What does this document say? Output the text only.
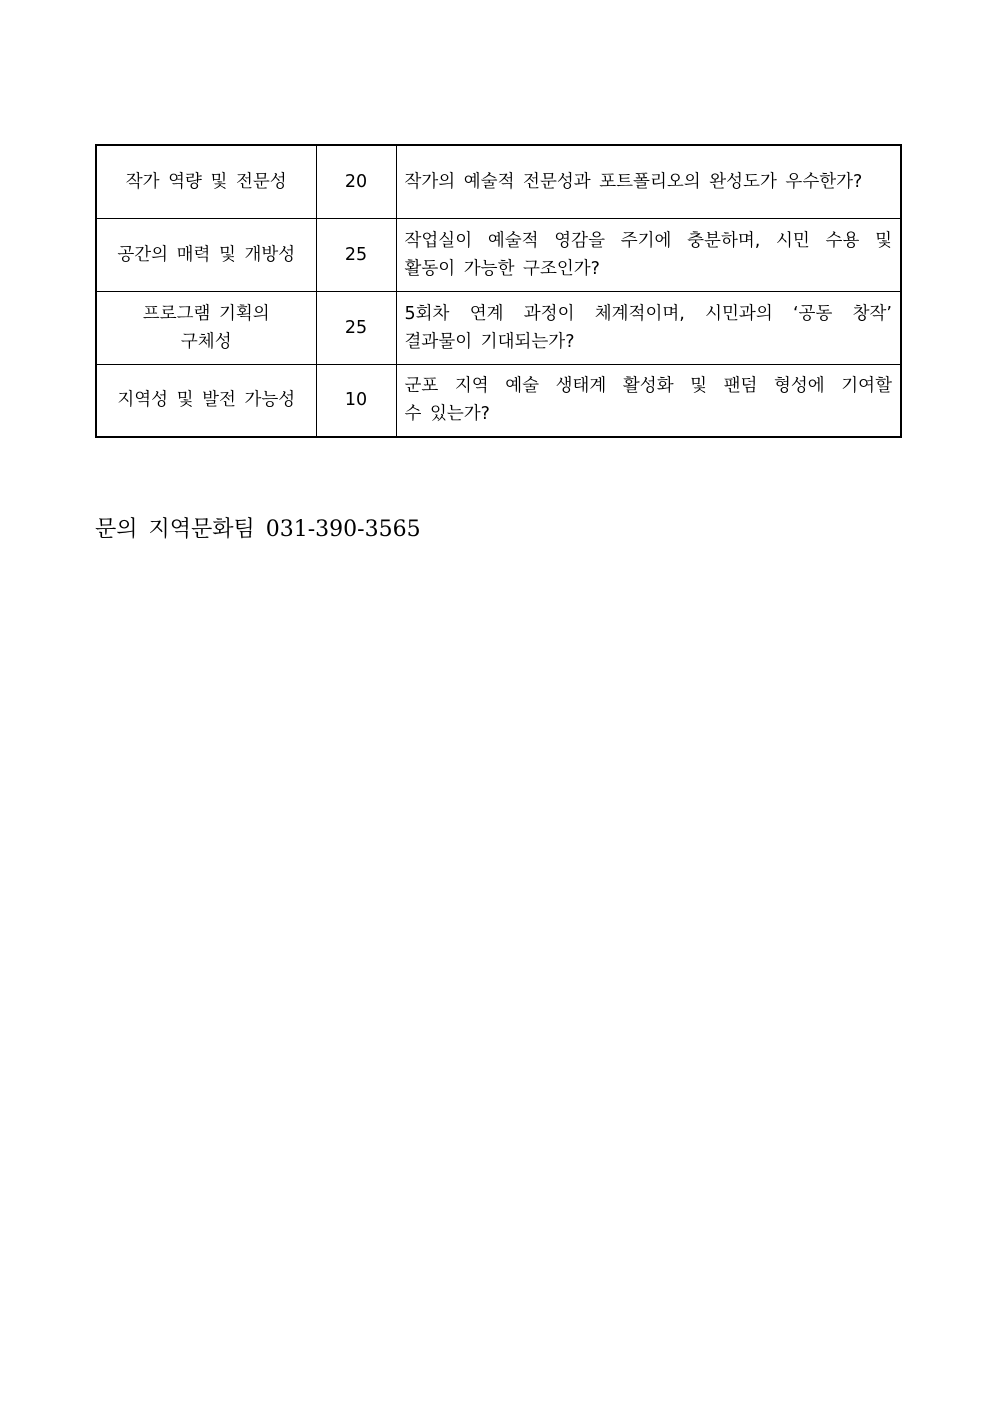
작가 역량 및 전문성	20	작가의 예술적 전문성과 포트폴리오의 완성도가 우수한가?

공간의 매력 및 개방성	25	작업실이 예술적 영감을 주기에 충분하며, 시민 수용 및
활동이 가능한 구조인가?

프로그램 기획의
구체성	25	5회차 연계 과정이 체계적이며, 시민과의 ‘공동 창작’
결과물이 기대되는가?

지역성 및 발전 가능성	10	군포 지역 예술 생태계 활성화 및 팬덤 형성에 기여할
수 있는가?
문의 지역문화팀 031-390-3565
